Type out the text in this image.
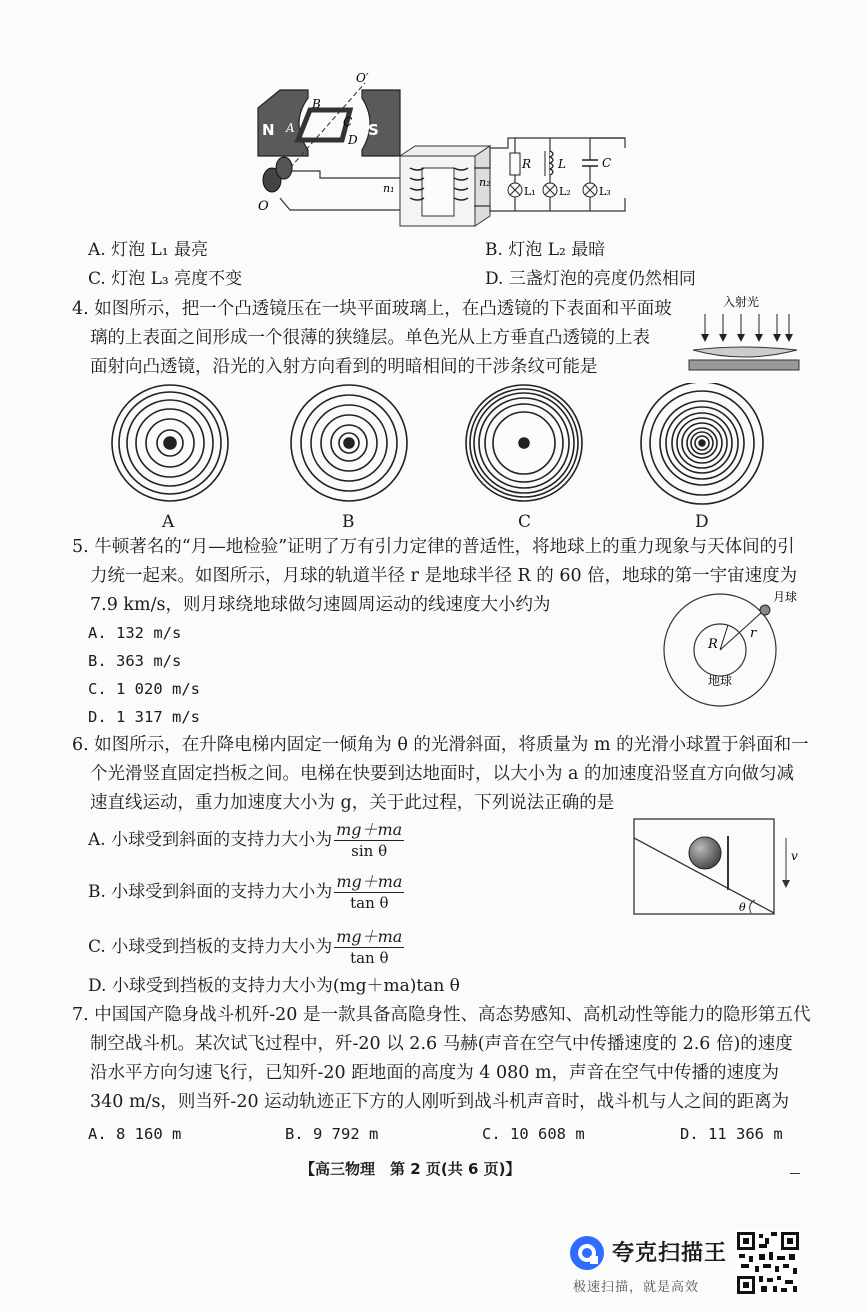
N	S
B
A	C
D
O′
O
n₁	n₂
R L	C
L₁ L₂	L₃
A. 灯泡 L₁ 最亮	B. 灯泡 L₂ 最暗
C. 灯泡 L₃ 亮度不变	D. 三盏灯泡的亮度仍然相同
4. 如图所示，把一个凸透镜压在一块平面玻璃上，在凸透镜的下表面和平面玻
璃的上表面之间形成一个很薄的狭缝层。单色光从上方垂直凸透镜的上表
面射向凸透镜，沿光的入射方向看到的明暗相间的干涉条纹可能是
入射光
A	B	C	D
5. 牛顿著名的“月—地检验”证明了万有引力定律的普适性，将地球上的重力现象与天体间的引
力统一起来。如图所示，月球的轨道半径 r 是地球半径 R 的 60 倍，地球的第一宇宙速度为
7.9 km/s，则月球绕地球做匀速圆周运动的线速度大小约为
A. 132 m/s
B. 363 m/s
C. 1 020 m/s
D. 1 317 m/s
月球
R
r
地球
6. 如图所示，在升降电梯内固定一倾角为 θ 的光滑斜面，将质量为 m 的光滑小球置于斜面和一
个光滑竖直固定挡板之间。电梯在快要到达地面时，以大小为 a 的加速度沿竖直方向做匀减
速直线运动，重力加速度大小为 g，关于此过程，下列说法正确的是
A. 小球受到斜面的支持力大小为 $\frac{mg+ma}{\text{sin θ}}$
B. 小球受到斜面的支持力大小为 $\frac{mg+ma}{\text{tan θ}}$
C. 小球受到挡板的支持力大小为 $\frac{mg+ma}{\text{tan θ}}$
D. 小球受到挡板的支持力大小为(mg＋ma)tan θ
θ
v
7. 中国国产隐身战斗机歼-20 是一款具备高隐身性、高态势感知、高机动性等能力的隐形第五代
制空战斗机。某次试飞过程中，歼-20 以 2.6 马赫(声音在空气中传播速度的 2.6 倍)的速度
沿水平方向匀速飞行，已知歼-20 距地面的高度为 4 080 m，声音在空气中传播的速度为
340 m/s，则当歼-20 运动轨迹正下方的人刚听到战斗机声音时，战斗机与人之间的距离为
A. 8 160 m	B. 9 792 m	C. 10 608 m	D. 11 366 m
【高三物理　第 2 页(共 6 页)】
夸克扫描王
极速扫描，就是高效
